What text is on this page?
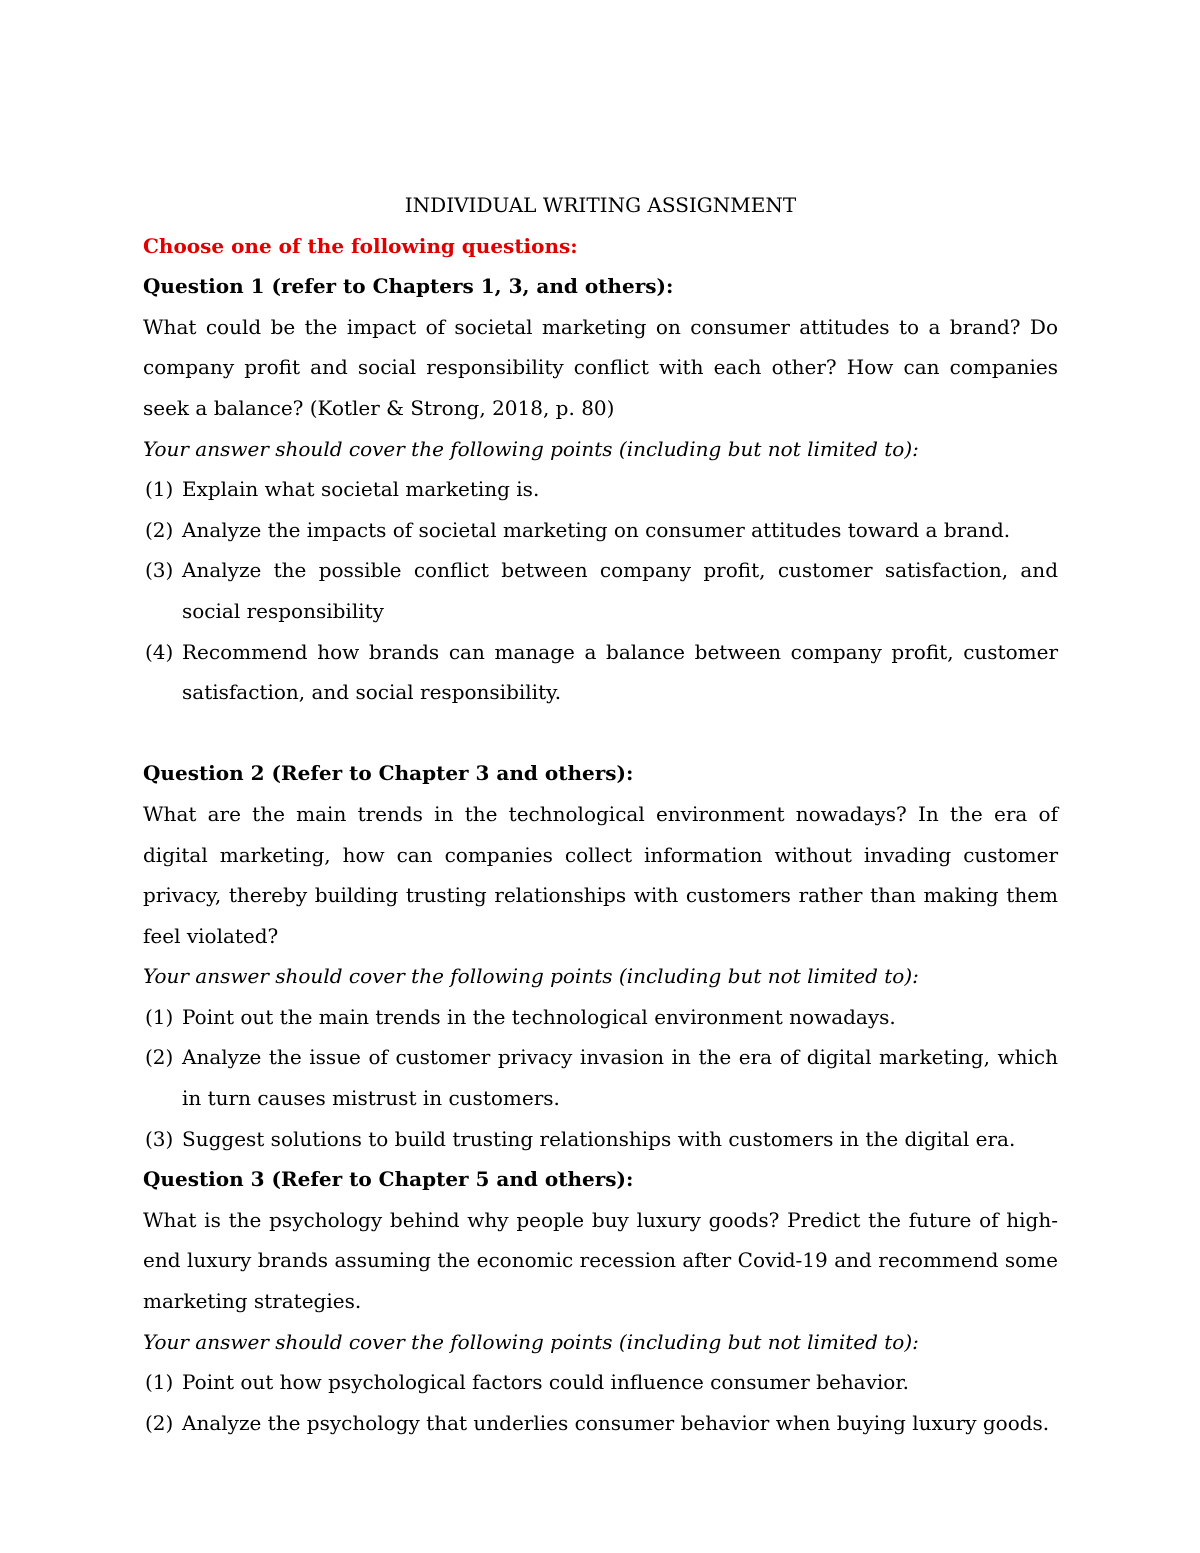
INDIVIDUAL WRITING ASSIGNMENT

Choose one of the following questions:

Question 1 (refer to Chapters 1, 3, and others):

What could be the impact of societal marketing on consumer attitudes to a brand? Do company profit and social responsibility conflict with each other? How can companies seek a balance? (Kotler & Strong, 2018, p. 80)

Your answer should cover the following points (including but not limited to):

(1) Explain what societal marketing is.
(2) Analyze the impacts of societal marketing on consumer attitudes toward a brand.
(3) Analyze the possible conflict between company profit, customer satisfaction, and social responsibility
(4) Recommend how brands can manage a balance between company profit, customer satisfaction, and social responsibility.

Question 2 (Refer to Chapter 3 and others):

What are the main trends in the technological environment nowadays? In the era of digital marketing, how can companies collect information without invading customer privacy, thereby building trusting relationships with customers rather than making them feel violated?

Your answer should cover the following points (including but not limited to):

(1) Point out the main trends in the technological environment nowadays.
(2) Analyze the issue of customer privacy invasion in the era of digital marketing, which in turn causes mistrust in customers.
(3) Suggest solutions to build trusting relationships with customers in the digital era.

Question 3 (Refer to Chapter 5 and others):

What is the psychology behind why people buy luxury goods? Predict the future of high-end luxury brands assuming the economic recession after Covid-19 and recommend some marketing strategies.

Your answer should cover the following points (including but not limited to):

(1) Point out how psychological factors could influence consumer behavior.
(2) Analyze the psychology that underlies consumer behavior when buying luxury goods.
